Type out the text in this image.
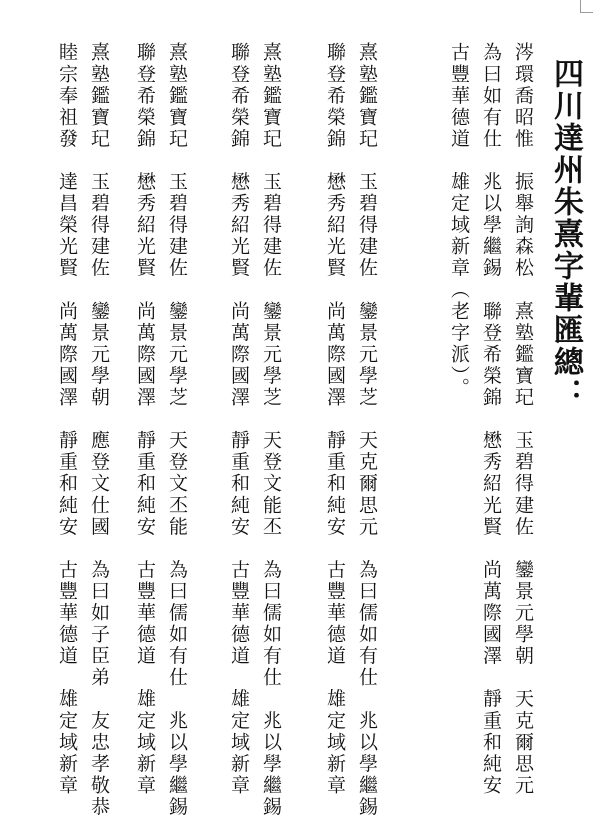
四川達州朱熹字輩匯總：
涔環喬昭惟　振舉詢森松　熹塾鑑寶玘　玉碧得建佐　鑾景元學朝　天克爾思元
為曰如有仕　兆以學繼錫　聯登希榮錦　懋秀紹光賢　尚萬際國澤　靜重和純安
古豐華德道　雄定域新章（老字派）。
熹塾鑑寶玘　玉碧得建佐　鑾景元學芝　天克爾思元　為曰儒如有仕　兆以學繼錫
聯登希榮錦　懋秀紹光賢　尚萬際國澤　靜重和純安　古豐華德道　雄定域新章
熹塾鑑寶玘　玉碧得建佐　鑾景元學芝　天登文能丕　為曰儒如有仕　兆以學繼錫
聯登希榮錦　懋秀紹光賢　尚萬際國澤　靜重和純安　古豐華德道　雄定域新章
熹塾鑑寶玘　玉碧得建佐　鑾景元學芝　天登文丕能　為曰儒如有仕　兆以學繼錫
聯登希榮錦　懋秀紹光賢　尚萬際國澤　靜重和純安　古豐華德道　雄定域新章
熹塾鑑寶玘　玉碧得建佐　鑾景元學朝　應登文仕國　為曰如子臣弟　友忠孝敬恭
睦宗奉祖發　達昌榮光賢　尚萬際國澤　靜重和純安　古豐華德道　雄定域新章
